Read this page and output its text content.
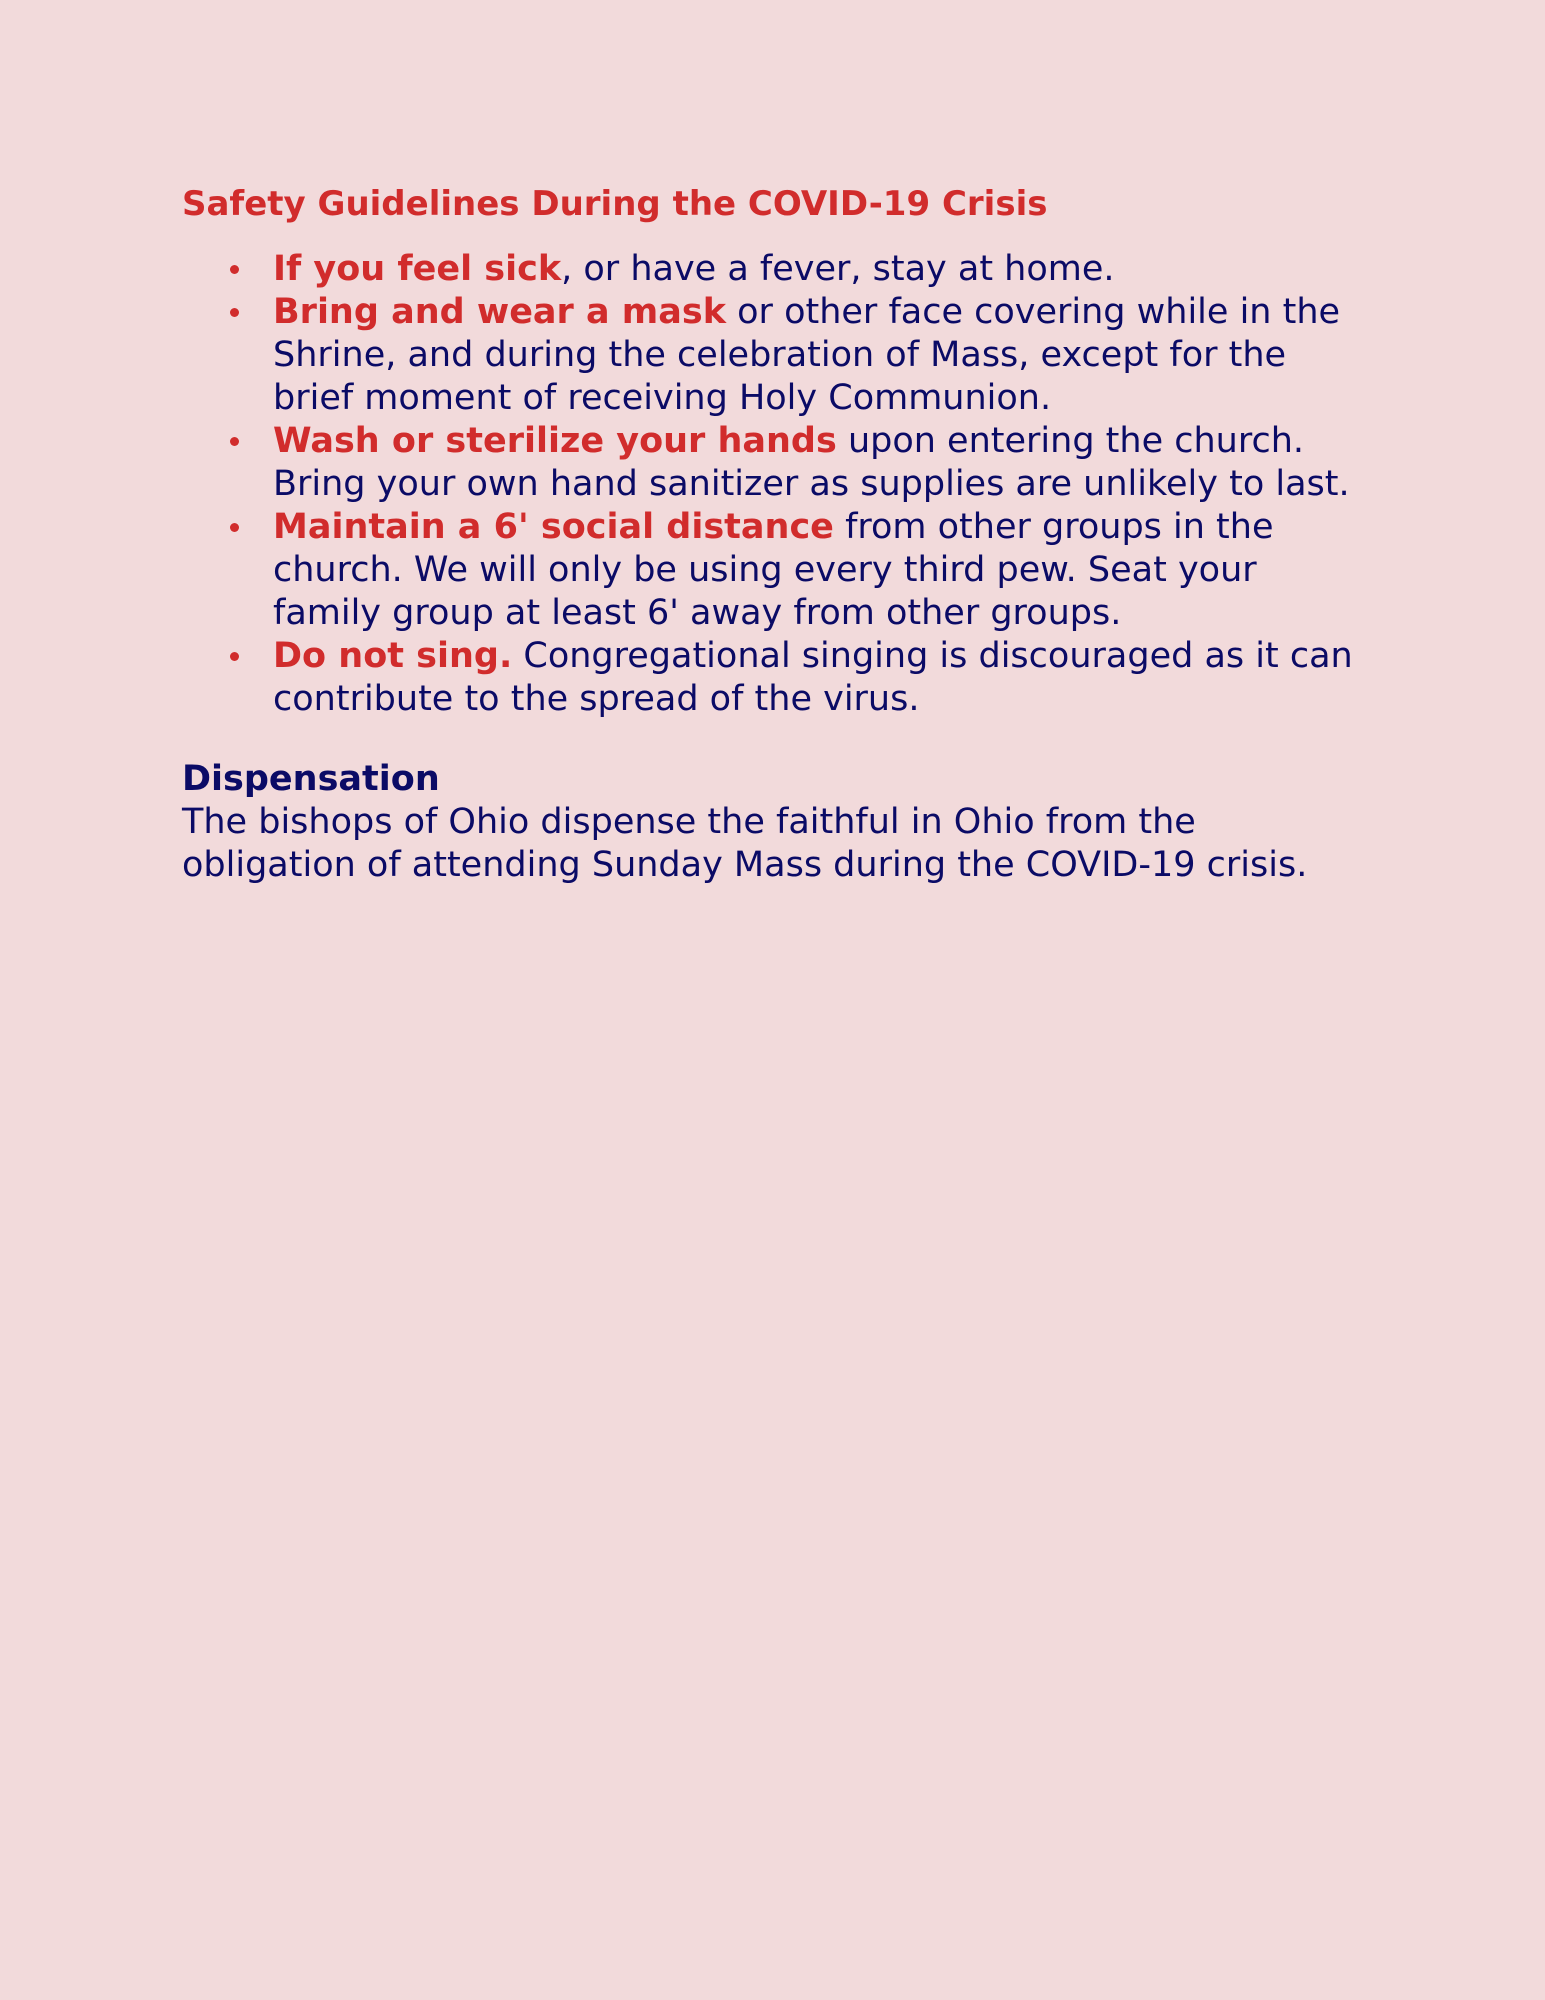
Safety Guidelines During the COVID-19 Crisis
If you feel sick, or have a fever, stay at home.
Bring and wear a mask or other face covering while in the Shrine, and during the celebration of Mass, except for the brief moment of receiving Holy Communion.
Wash or sterilize your hands upon entering the church. Bring your own hand sanitizer as supplies are unlikely to last.
Maintain a 6' social distance from other groups in the church. We will only be using every third pew. Seat your family group at least 6' away from other groups.
Do not sing. Congregational singing is discouraged as it can contribute to the spread of the virus.
Dispensation

The bishops of Ohio dispense the faithful in Ohio from the obligation of attending Sunday Mass during the COVID-19 crisis.
